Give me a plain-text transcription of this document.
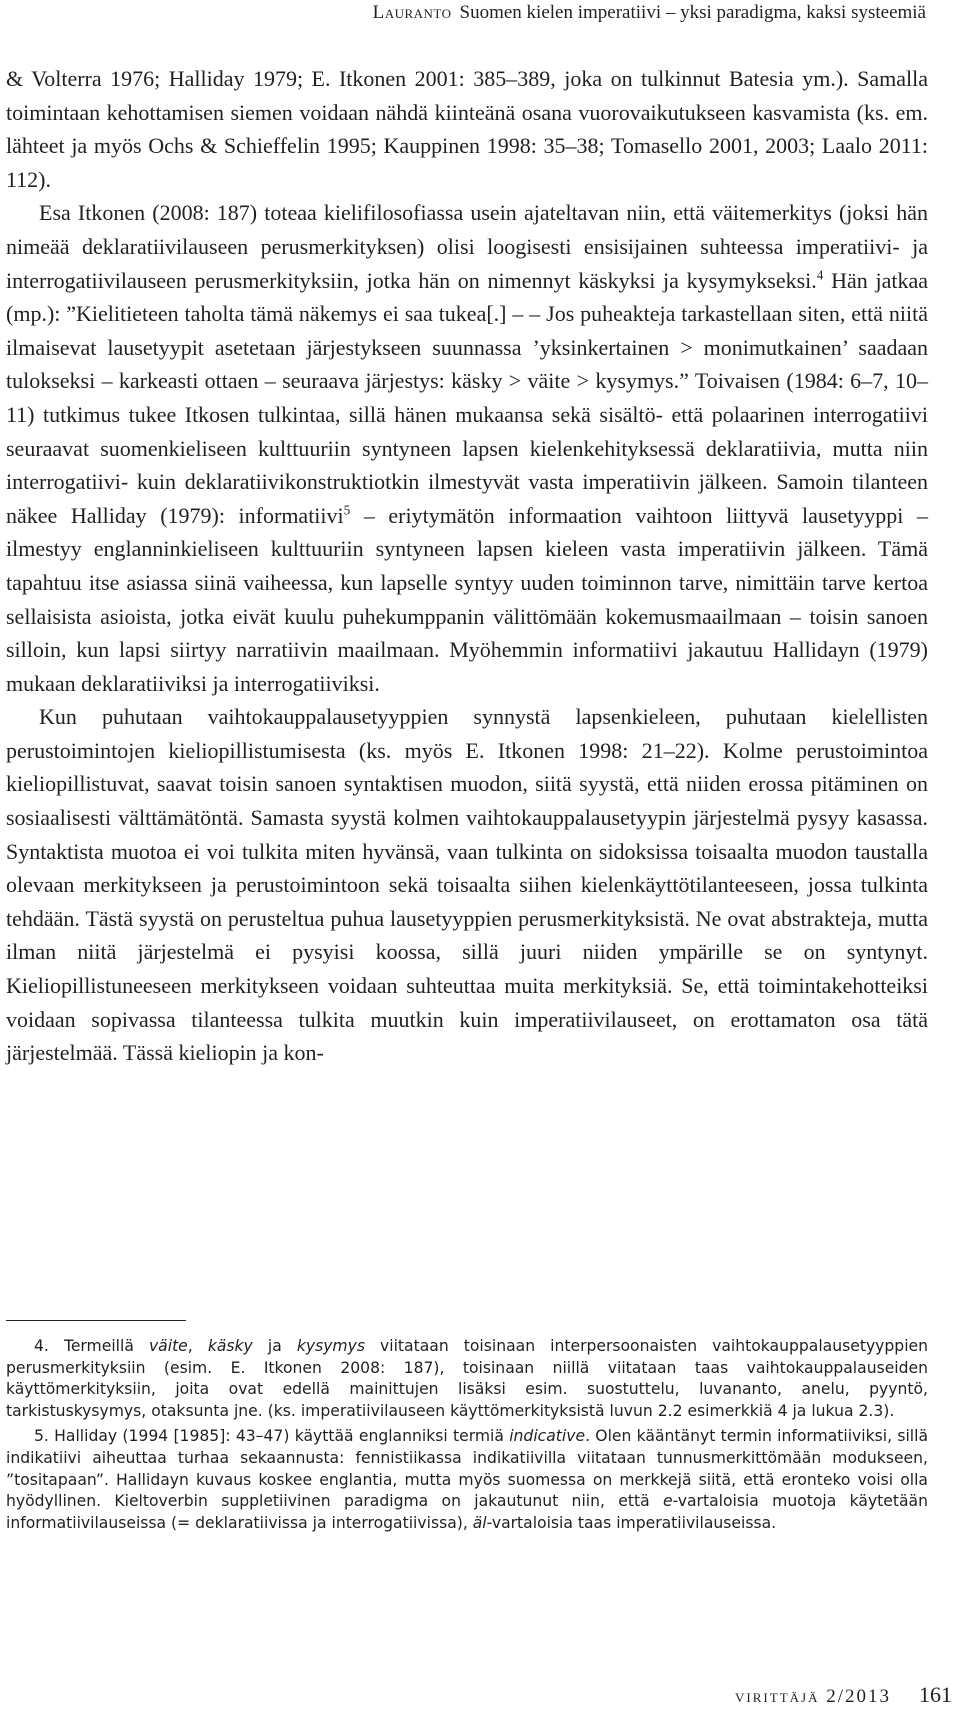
Lauranto Suomen kielen imperatiivi – yksi paradigma, kaksi systeemiä

& Volterra 1976; Halliday 1979; E. Itkonen 2001: 385–389, joka on tulkinnut Batesia ym.). Samalla toimintaan kehottamisen siemen voidaan nähdä kiinteänä osana vuorovaikutukseen kasvamista (ks. em. lähteet ja myös Ochs & Schieffelin 1995; Kauppinen 1998: 35–38; Tomasello 2001, 2003; Laalo 2011: 112).

Esa Itkonen (2008: 187) toteaa kielifilosofiassa usein ajateltavan niin, että väitemerkitys (joksi hän nimeää deklaratiivilauseen perusmerkityksen) olisi loogisesti ensisijainen suhteessa imperatiivi- ja interrogatiivilauseen perusmerkityksiin, jotka hän on nimennyt käskyksi ja kysymykseksi.$^4$ Hän jatkaa (mp.): ”Kielitieteen taholta tämä näkemys ei saa tukea[.] – – Jos puheakteja tarkastellaan siten, että niitä ilmaisevat lausetyypit asetetaan järjestykseen suunnassa ’yksinkertainen > monimutkainen’ saadaan tulokseksi – karkeasti ottaen – seuraava järjestys: käsky > väite > kysymys.” Toivaisen (1984: 6–7, 10–11) tutkimus tukee Itkosen tulkintaa, sillä hänen mukaansa sekä sisältö- että polaarinen interrogatiivi seuraavat suomenkieliseen kulttuuriin syntyneen lapsen kielenkehityksessä deklaratiivia, mutta niin interrogatiivi- kuin deklaratiivikonstruktiotkin ilmestyvät vasta imperatiivin jälkeen. Samoin tilanteen näkee Halliday (1979): informatiivi$^5$ – eriytymätön informaation vaihtoon liittyvä lausetyyppi – ilmestyy englanninkieliseen kulttuuriin syntyneen lapsen kieleen vasta imperatiivin jälkeen. Tämä tapahtuu itse asiassa siinä vaiheessa, kun lapselle syntyy uuden toiminnon tarve, nimittäin tarve kertoa sellaisista asioista, jotka eivät kuulu puhekumppanin välittömään kokemusmaailmaan – toisin sanoen silloin, kun lapsi siirtyy narratiivin maailmaan. Myöhemmin informatiivi jakautuu Hallidayn (1979) mukaan deklaratiiviksi ja interrogatiiviksi.

Kun puhutaan vaihtokauppalausetyyppien synnystä lapsenkieleen, puhutaan kielellisten perustoimintojen kieliopillistumisesta (ks. myös E. Itkonen 1998: 21–22). Kolme perustoimintoa kieliopillistuvat, saavat toisin sanoen syntaktisen muodon, siitä syystä, että niiden erossa pitäminen on sosiaalisesti välttämätöntä. Samasta syystä kolmen vaihtokauppalausetyypin järjestelmä pysyy kasassa. Syntaktista muotoa ei voi tulkita miten hyvänsä, vaan tulkinta on sidoksissa toisaalta muodon taustalla olevaan merkitykseen ja perustoimintoon sekä toisaalta siihen kielenkäyttötilanteeseen, jossa tulkinta tehdään. Tästä syystä on perusteltua puhua lausetyyppien perusmerkityksistä. Ne ovat abstrakteja, mutta ilman niitä järjestelmä ei pysyisi koossa, sillä juuri niiden ympärille se on syntynyt. Kieliopillistuneeseen merkitykseen voidaan suhteuttaa muita merkityksiä. Se, että toimintakehotteiksi voidaan sopivassa tilanteessa tulkita muutkin kuin imperatiivilauseet, on erottamaton osa tätä järjestelmää. Tässä kieliopin ja kon-

4. Termeillä väite, käsky ja kysymys viitataan toisinaan interpersoonaisten vaihtokauppalausetyyppien perusmerkityksiin (esim. E. Itkonen 2008: 187), toisinaan niillä viitataan taas vaihtokauppalauseiden käyttömerkityksiin, joita ovat edellä mainittujen lisäksi esim. suostuttelu, luvananto, anelu, pyyntö, tarkistuskysymys, otaksunta jne. (ks. imperatiivilauseen käyttömerkityksistä luvun 2.2 esimerkkiä 4 ja lukua 2.3).

5. Halliday (1994 [1985]: 43–47) käyttää englanniksi termiä indicative. Olen kääntänyt termin informatiiviksi, sillä indikatiivi aiheuttaa turhaa sekaannusta: fennistiikassa indikatiivilla viitataan tunnusmerkittömään modukseen, ”tositapaan”. Hallidayn kuvaus koskee englantia, mutta myös suomessa on merkkejä siitä, että eronteko voisi olla hyödyllinen. Kieltoverbin suppletiivinen paradigma on jakautunut niin, että e-vartaloisia muotoja käytetään informatiivilauseissa (= deklaratiivissa ja interrogatiivissa), äl-vartaloisia taas imperatiivilauseissa.

virittäjä 2/2013 161
